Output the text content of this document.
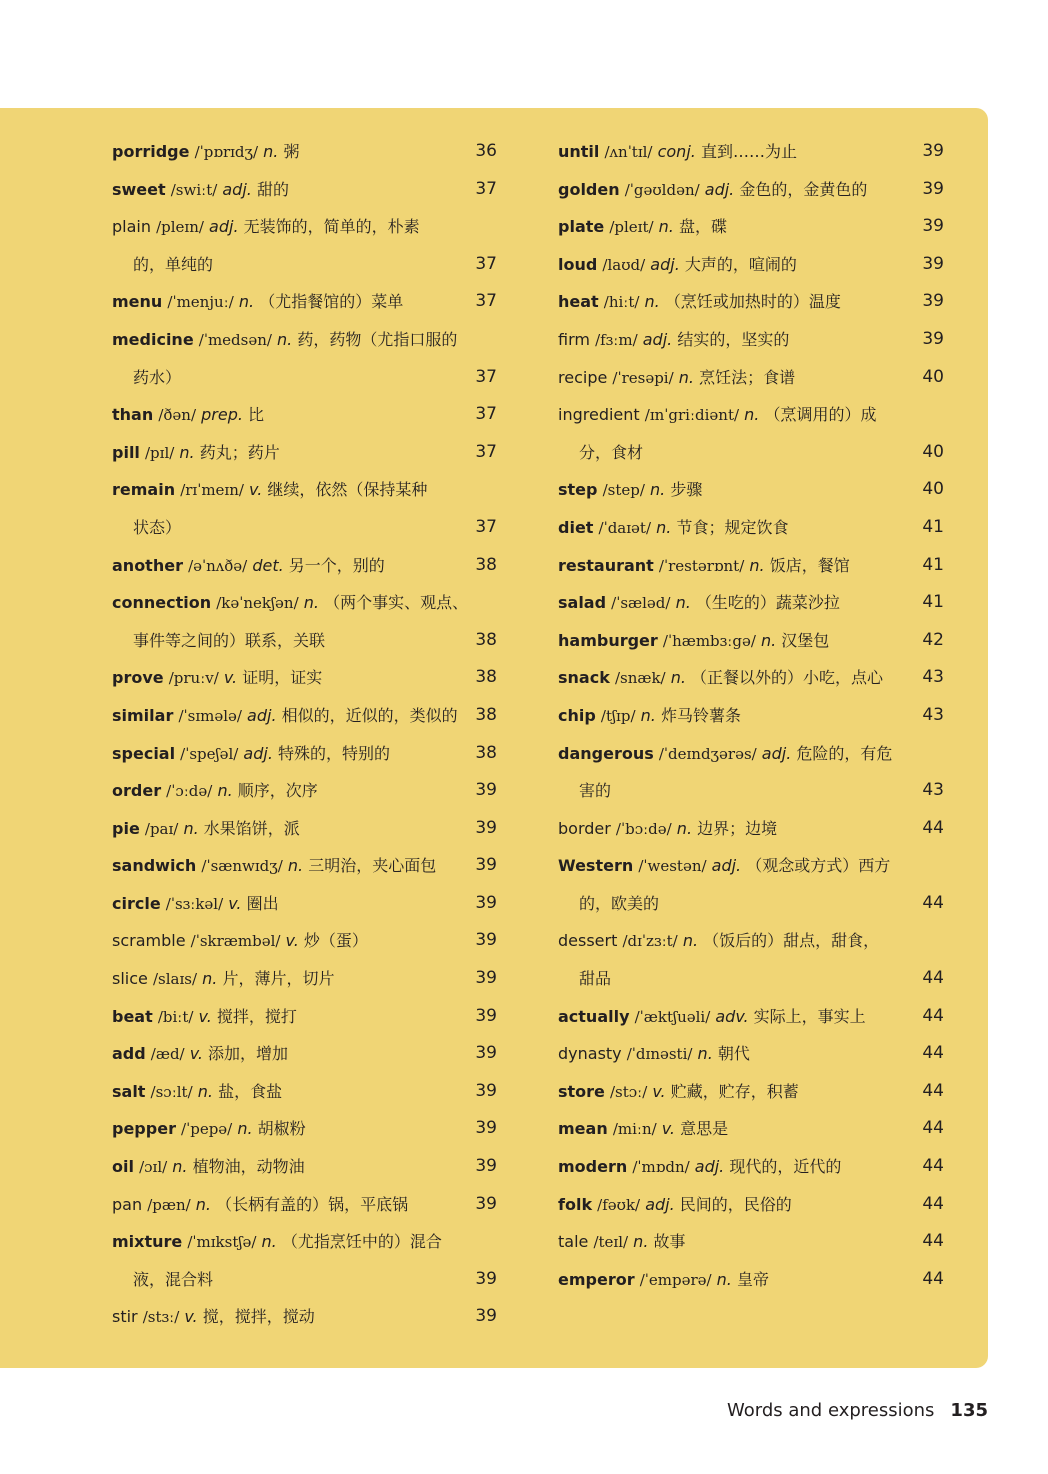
porridge /ˈpɒrɪdʒ/ n. 粥	36
sweet /swiːt/ adj. 甜的	37
plain /pleɪn/ adj. 无装饰的，简单的，朴素
的，单纯的	37
menu /ˈmenjuː/ n. （尤指餐馆的）菜单	37
medicine /ˈmedsən/ n. 药，药物（尤指口服的
药水）	37
than /ðən/ prep. 比	37
pill /pɪl/ n. 药丸；药片	37
remain /rɪˈmeɪn/ v. 继续，依然（保持某种
状态）	37
another /əˈnʌðə/ det. 另一个，别的	38
connection /kəˈnekʃən/ n. （两个事实、观点、
事件等之间的）联系，关联	38
prove /pruːv/ v. 证明，证实	38
similar /ˈsɪmələ/ adj. 相似的，近似的，类似的 38
special /ˈspeʃəl/ adj. 特殊的，特别的	38
order /ˈɔːdə/ n. 顺序，次序	39
pie /paɪ/ n. 水果馅饼，派	39
sandwich /ˈsænwɪdʒ/ n. 三明治，夹心面包 39
circle /ˈsɜːkəl/ v. 圈出	39
scramble /ˈskræmbəl/ v. 炒（蛋）	39
slice /slaɪs/ n. 片，薄片，切片	39
beat /biːt/ v. 搅拌，搅打	39
add /æd/ v. 添加，增加	39
salt /sɔːlt/ n. 盐，食盐	39
pepper /ˈpepə/ n. 胡椒粉	39
oil /ɔɪl/ n. 植物油，动物油	39
pan /pæn/ n. （长柄有盖的）锅，平底锅	39
mixture /ˈmɪkstʃə/ n. （尤指烹饪中的）混合
液，混合料	39
stir /stɜː/ v. 搅，搅拌，搅动	39
until /ʌnˈtɪl/ conj. 直到……为止	39
golden /ˈgəʊldən/ adj. 金色的，金黄色的	39
plate /pleɪt/ n. 盘，碟	39
loud /laʊd/ adj. 大声的，喧闹的	39
heat /hiːt/ n. （烹饪或加热时的）温度	39
firm /fɜːm/ adj. 结实的，坚实的	39
recipe /ˈresəpi/ n. 烹饪法；食谱	40
ingredient /ɪnˈgriːdiənt/ n. （烹调用的）成
分，食材	40
step /step/ n. 步骤	40
diet /ˈdaɪət/ n. 节食；规定饮食	41
restaurant /ˈrestərɒnt/ n. 饭店，餐馆	41
salad /ˈsæləd/ n. （生吃的）蔬菜沙拉	41
hamburger /ˈhæmbɜːgə/ n. 汉堡包	42
snack /snæk/ n. （正餐以外的）小吃，点心 43
chip /tʃɪp/ n. 炸马铃薯条	43
dangerous /ˈdeɪndʒərəs/ adj. 危险的，有危
害的	43
border /ˈbɔːdə/ n. 边界；边境	44
Western /ˈwestən/ adj. （观念或方式）西方
的，欧美的	44
dessert /dɪˈzɜːt/ n. （饭后的）甜点，甜食，
甜品	44
actually /ˈæktʃuəli/ adv. 实际上，事实上	44
dynasty /ˈdɪnəsti/ n. 朝代	44
store /stɔː/ v. 贮藏，贮存，积蓄	44
mean /miːn/ v. 意思是	44
modern /ˈmɒdn/ adj. 现代的，近代的	44
folk /fəʊk/ adj. 民间的，民俗的	44
tale /teɪl/ n. 故事	44
emperor /ˈempərə/ n. 皇帝	44
Words and expressions 135
